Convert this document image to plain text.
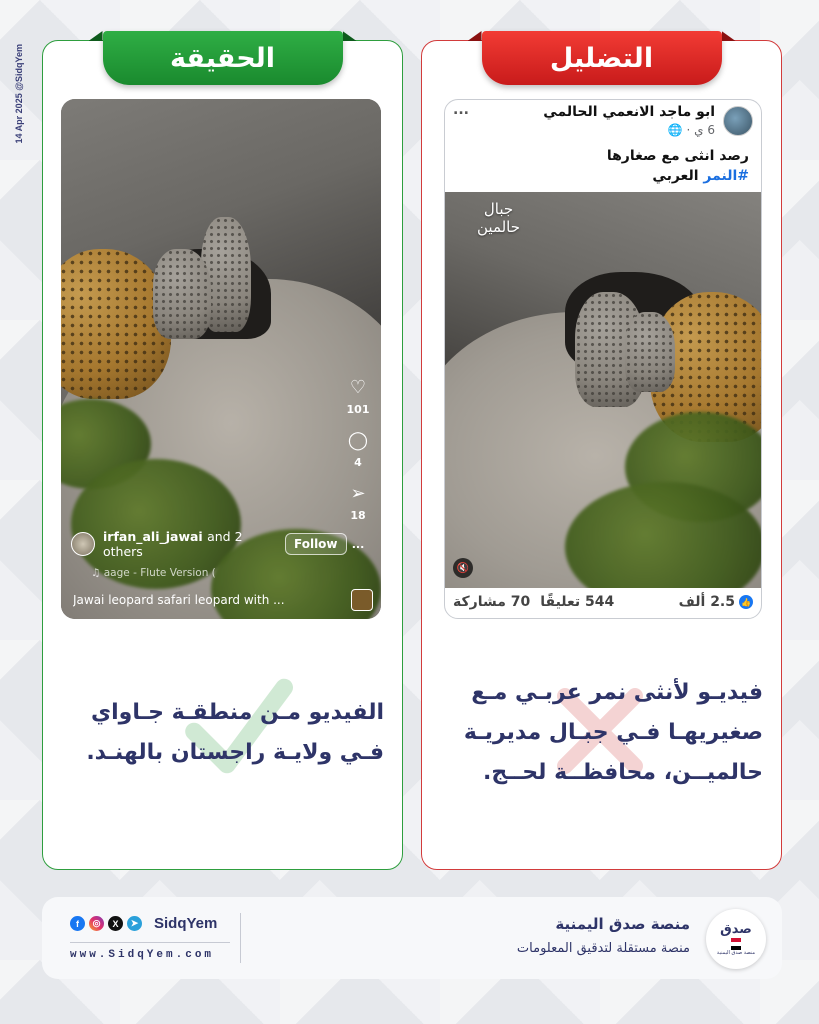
14 Apr 2025 @SidqYem	الحقيقة
♡
101
◯
4
➢
18
...
irfan_ali_jawai and 2 others	Follow
♫ aage - Flute Version (
Jawai leopard safari leopard with ...
الفيديو مـن منطقـة جـاواي فـي ولايـة راجستان بالهنـد.
التضليل
ابو ماجد الانعمي الحالمي
6 ي · 🌐
...
رصد انثى مع صغارها
#النمر العربي
جبال
حالمين
🔇
👍
2.5 ألف
544 تعليقًا
70 مشاركة
فيديـو لأنثى نمر عربـي مـع صغيريهـا فـي جبـال مديريـة حالميــن، محافظــة لحــج.
صدق
منصة صدق اليمنية
منصة صدق اليمنية
منصة مستقلة لتدقيق المعلومات
f	◎	X	➤ SidqYem
www.SidqYem.com
